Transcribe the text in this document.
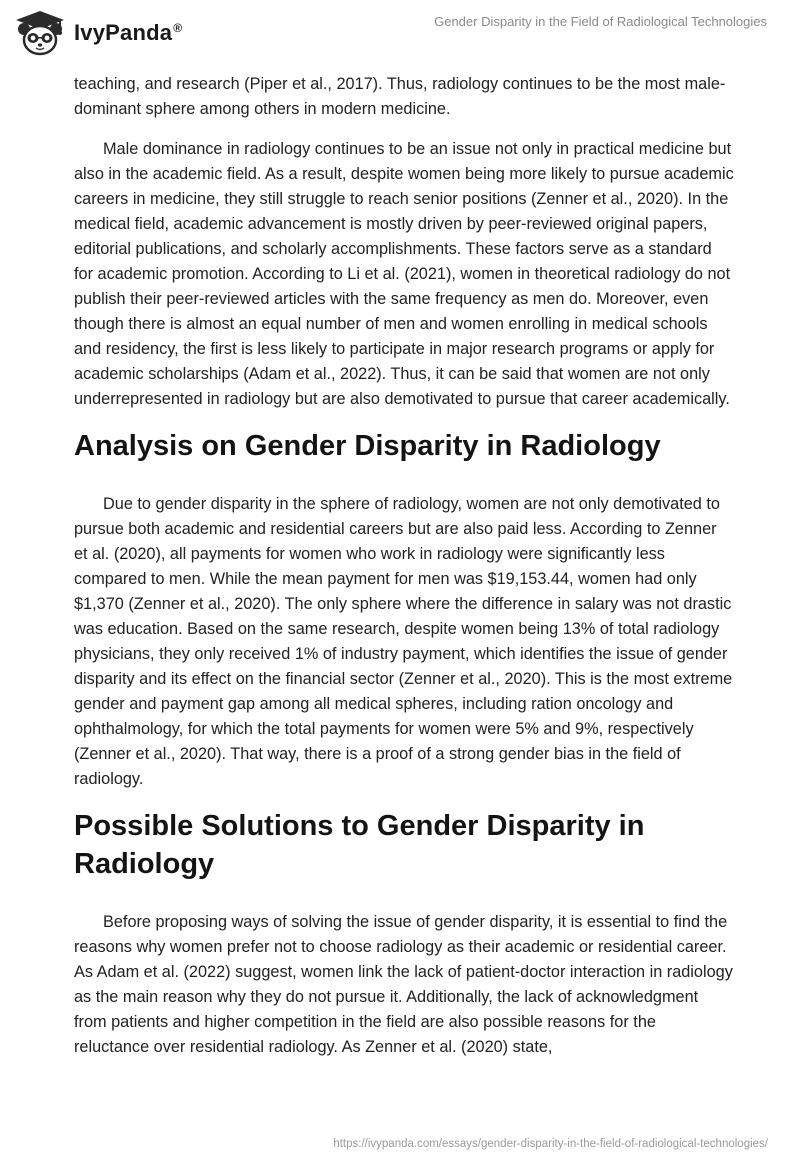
IvyPanda®	Gender Disparity in the Field of Radiological Technologies

teaching, and research (Piper et al., 2017). Thus, radiology continues to be the most male-dominant sphere among others in modern medicine.

Male dominance in radiology continues to be an issue not only in practical medicine but also in the academic field. As a result, despite women being more likely to pursue academic careers in medicine, they still struggle to reach senior positions (Zenner et al., 2020). In the medical field, academic advancement is mostly driven by peer-reviewed original papers, editorial publications, and scholarly accomplishments. These factors serve as a standard for academic promotion. According to Li et al. (2021), women in theoretical radiology do not publish their peer-reviewed articles with the same frequency as men do. Moreover, even though there is almost an equal number of men and women enrolling in medical schools and residency, the first is less likely to participate in major research programs or apply for academic scholarships (Adam et al., 2022). Thus, it can be said that women are not only underrepresented in radiology but are also demotivated to pursue that career academically.

Analysis on Gender Disparity in Radiology

Due to gender disparity in the sphere of radiology, women are not only demotivated to pursue both academic and residential careers but are also paid less. According to Zenner et al. (2020), all payments for women who work in radiology were significantly less compared to men. While the mean payment for men was $19,153.44, women had only $1,370 (Zenner et al., 2020). The only sphere where the difference in salary was not drastic was education. Based on the same research, despite women being 13% of total radiology physicians, they only received 1% of industry payment, which identifies the issue of gender disparity and its effect on the financial sector (Zenner et al., 2020). This is the most extreme gender and payment gap among all medical spheres, including ration oncology and ophthalmology, for which the total payments for women were 5% and 9%, respectively (Zenner et al., 2020). That way, there is a proof of a strong gender bias in the field of radiology.

Possible Solutions to Gender Disparity in Radiology

Before proposing ways of solving the issue of gender disparity, it is essential to find the reasons why women prefer not to choose radiology as their academic or residential career. As Adam et al. (2022) suggest, women link the lack of patient-doctor interaction in radiology as the main reason why they do not pursue it. Additionally, the lack of acknowledgment from patients and higher competition in the field are also possible reasons for the reluctance over residential radiology. As Zenner et al. (2020) state,

https://ivypanda.com/essays/gender-disparity-in-the-field-of-radiological-technologies/
